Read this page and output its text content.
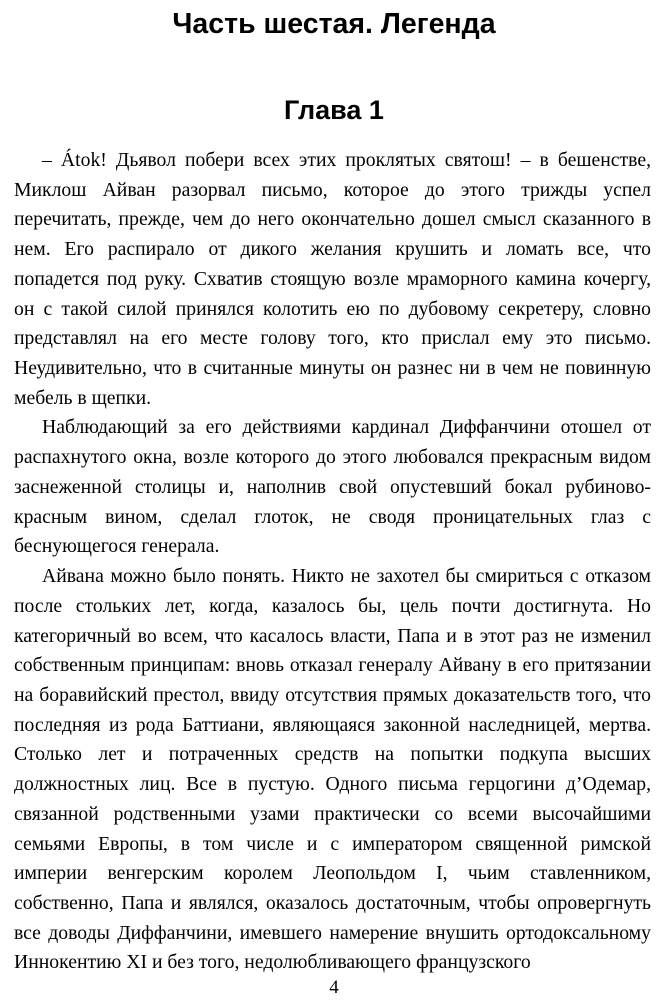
Часть шестая. Легенда
Глава 1

– Átok! Дьявол побери всех этих проклятых святош! – в бешенстве, Миклош Айван разорвал письмо, которое до этого трижды успел перечитать, прежде, чем до него окончательно дошел смысл сказанного в нем. Его распирало от дикого желания крушить и ломать все, что попадется под руку. Схватив стоящую возле мраморного камина кочергу, он с такой силой принялся колотить ею по дубовому секретеру, словно представлял на его месте голову того, кто прислал ему это письмо. Неудивительно, что в считанные минуты он разнес ни в чем не повинную мебель в щепки.

Наблюдающий за его действиями кардинал Диффанчини отошел от распахнутого окна, возле которого до этого любовался прекрасным видом заснеженной столицы и, наполнив свой опустевший бокал рубиново-красным вином, сделал глоток, не сводя проницательных глаз с беснующегося генерала.

Айвана можно было понять. Никто не захотел бы смириться с отказом после стольких лет, когда, казалось бы, цель почти достигнута. Но категоричный во всем, что касалось власти, Папа и в этот раз не изменил собственным принципам: вновь отказал генералу Айвану в его притязании на боравийский престол, ввиду отсутствия прямых доказательств того, что последняя из рода Баттиани, являющаяся законной наследницей, мертва. Столько лет и потраченных средств на попытки подкупа высших должностных лиц. Все в пустую. Одного письма герцогини д’Одемар, связанной родственными узами практически со всеми высочайшими семьями Европы, в том числе и с императором священной римской империи венгерским королем Леопольдом I, чьим ставленником, собственно, Папа и являлся, оказалось достаточным, чтобы опровергнуть все доводы Диффанчини, имевшего намерение внушить ортодоксальному Иннокентию XI и без того, недолюбливающего французского

4
